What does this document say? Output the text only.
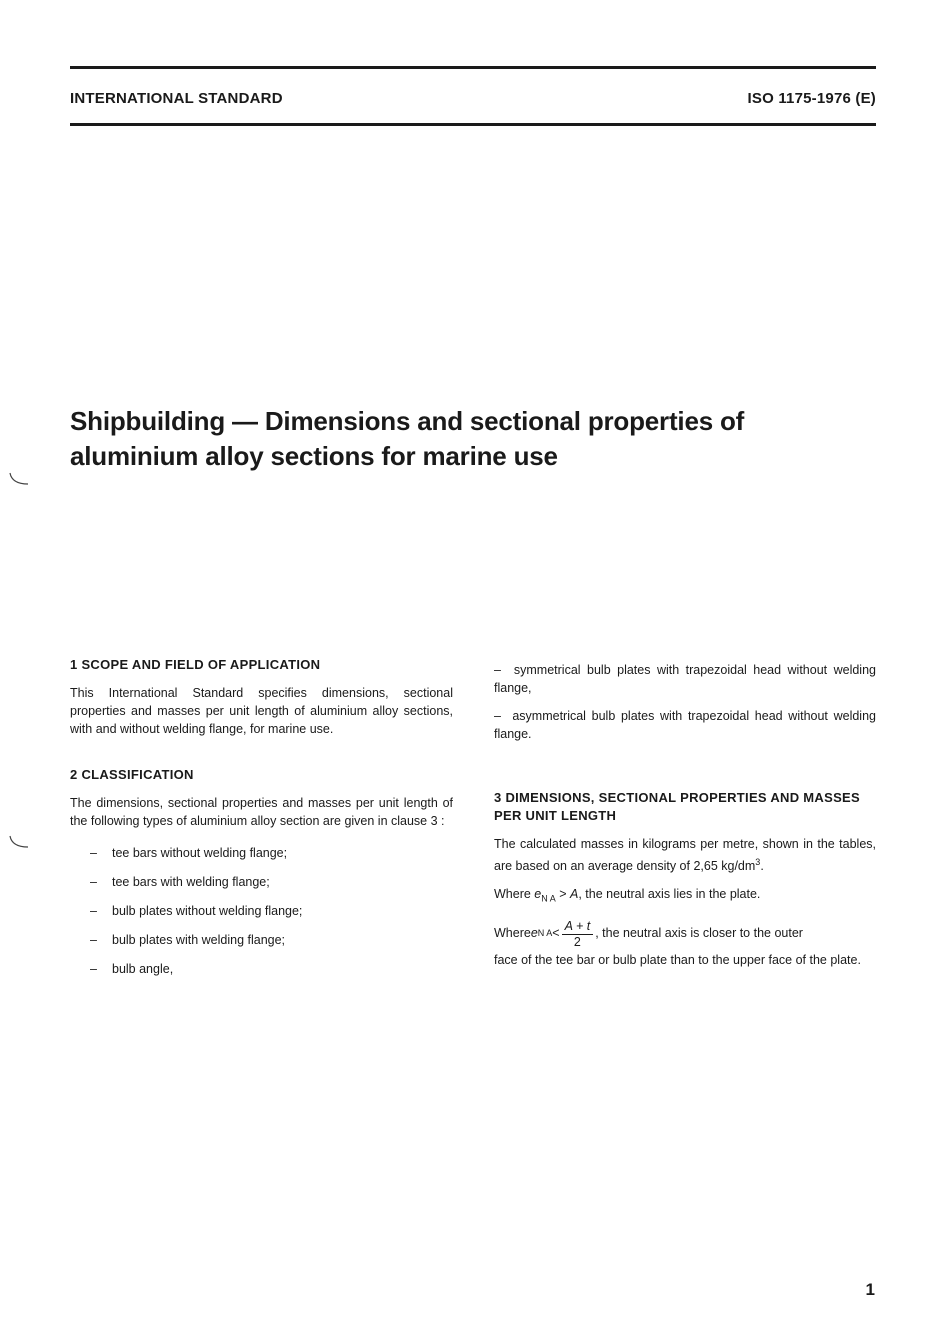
INTERNATIONAL STANDARD	ISO 1175-1976 (E)
Shipbuilding — Dimensions and sectional properties of
aluminium alloy sections for marine use
1 SCOPE AND FIELD OF APPLICATION
This International Standard specifies dimensions, sectional properties and masses per unit length of aluminium alloy sections, with and without welding flange, for marine use.
2 CLASSIFICATION
The dimensions, sectional properties and masses per unit length of the following types of aluminium alloy section are given in clause 3 :
–	tee bars without welding flange;
–	tee bars with welding flange;
–	bulb plates without welding flange;
–	bulb plates with welding flange;
–	bulb angle,
– symmetrical bulb plates with trapezoidal head without welding flange,
– asymmetrical bulb plates with trapezoidal head without welding flange.
3 DIMENSIONS, SECTIONAL PROPERTIES AND MASSES PER UNIT LENGTH
The calculated masses in kilograms per metre, shown in the tables, are based on an average density of 2,65 $kg/dm^3$.
Where $e_{N A} > A$, the neutral axis lies in the plate.
Where e N $A < \frac{A + t}{2}$ , the neutral axis is closer to the outer
face of the tee bar or bulb plate than to the upper face of the plate.
1
